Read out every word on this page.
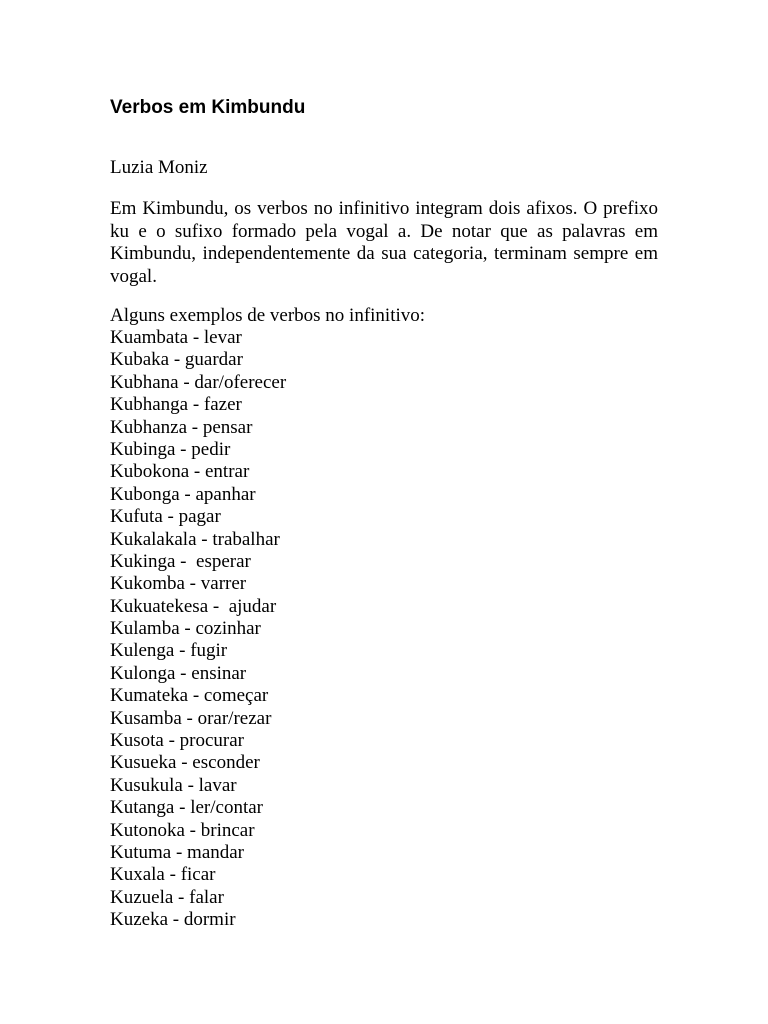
Verbos em Kimbundu

Luzia Moniz

Em Kimbundu, os verbos no infinitivo integram dois afixos. O prefixo ku e o sufixo formado pela vogal a. De notar que as palavras em Kimbundu, independentemente da sua categoria, terminam sempre em vogal.

Alguns exemplos de verbos no infinitivo:

Kuambata - levar
Kubaka - guardar
Kubhana - dar/oferecer
Kubhanga - fazer
Kubhanza - pensar
Kubinga - pedir
Kubokona - entrar
Kubonga - apanhar
Kufuta - pagar
Kukalakala - trabalhar
Kukinga -  esperar
Kukomba - varrer
Kukuatekesa -  ajudar
Kulamba - cozinhar
Kulenga - fugir
Kulonga - ensinar
Kumateka - começar
Kusamba - orar/rezar
Kusota - procurar
Kusueka - esconder
Kusukula - lavar
Kutanga - ler/contar
Kutonoka - brincar
Kutuma - mandar
Kuxala - ficar
Kuzuela - falar
Kuzeka - dormir
